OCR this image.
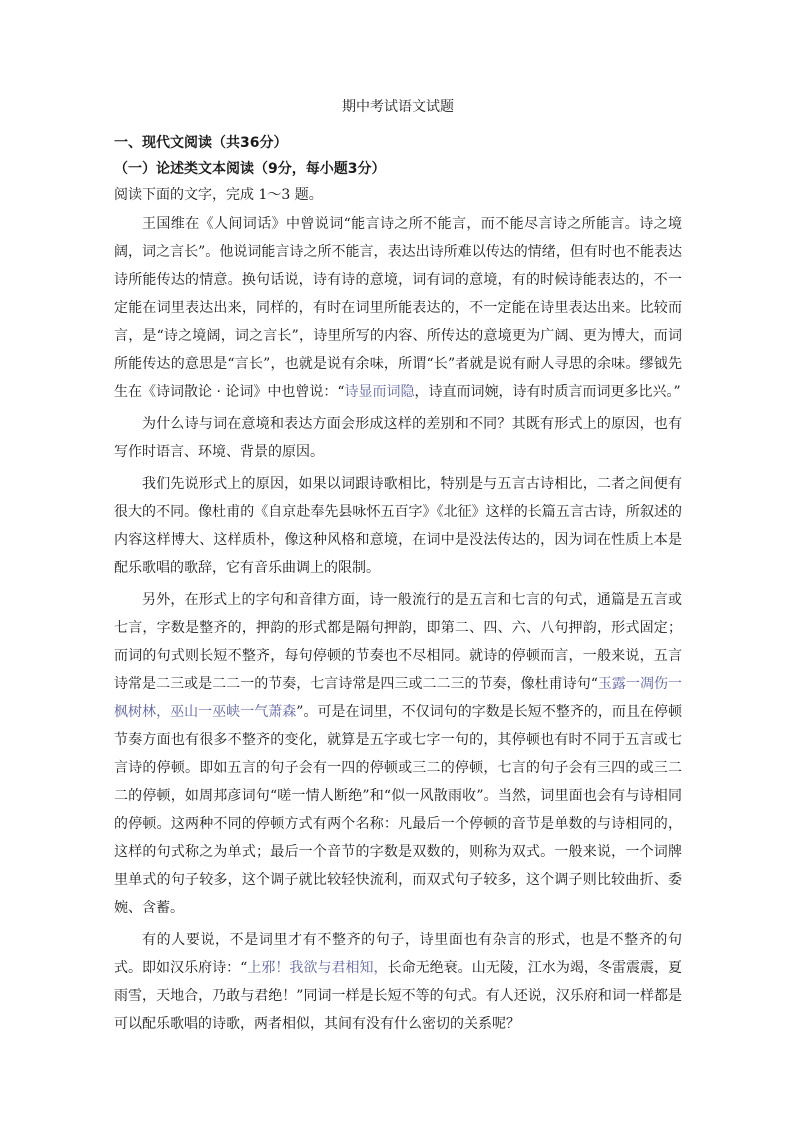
期中考试语文试题
一、现代文阅读（共36分）
（一）论述类文本阅读（9分，每小题3分）
阅读下面的文字，完成 1～3 题。

王国维在《人间词话》中曾说词“能言诗之所不能言，而不能尽言诗之所能言。诗之境阔，词之言长”。他说词能言诗之所不能言，表达出诗所难以传达的情绪，但有时也不能表达诗所能传达的情意。换句话说，诗有诗的意境，词有词的意境，有的时候诗能表达的，不一定能在词里表达出来，同样的，有时在词里所能表达的，不一定能在诗里表达出来。比较而言，是“诗之境阔，词之言长”，诗里所写的内容、所传达的意境更为广阔、更为博大，而词所能传达的意思是“言长”，也就是说有余味，所谓“长”者就是说有耐人寻思的余味。缪钺先生在《诗词散论 · 论词》中也曾说：“诗显而词隐，诗直而词婉，诗有时质言而词更多比兴。”

为什么诗与词在意境和表达方面会形成这样的差别和不同？其既有形式上的原因，也有写作时语言、环境、背景的原因。

我们先说形式上的原因，如果以词跟诗歌相比，特别是与五言古诗相比，二者之间便有很大的不同。像杜甫的《自京赴奉先县咏怀五百字》《北征》这样的长篇五言古诗，所叙述的内容这样博大、这样质朴，像这种风格和意境，在词中是没法传达的，因为词在性质上本是配乐歌唱的歌辞，它有音乐曲调上的限制。

另外，在形式上的字句和音律方面，诗一般流行的是五言和七言的句式，通篇是五言或七言，字数是整齐的，押韵的形式都是隔句押韵，即第二、四、六、八句押韵，形式固定；而词的句式则长短不整齐，每句停顿的节奏也不尽相同。就诗的停顿而言，一般来说，五言诗常是二三或是二二一的节奏，七言诗常是四三或二二三的节奏，像杜甫诗句“玉露一凋伤一枫树林，巫山一巫峡一气萧森”。可是在词里，不仅词句的字数是长短不整齐的，而且在停顿节奏方面也有很多不整齐的变化，就算是五字或七字一句的，其停顿也有时不同于五言或七言诗的停顿。即如五言的句子会有一四的停顿或三二的停顿，七言的句子会有三四的或三二二的停顿，如周邦彦词句“嗟一情人断绝”和“似一风散雨收”。当然，词里面也会有与诗相同的停顿。这两种不同的停顿方式有两个名称：凡最后一个停顿的音节是单数的与诗相同的，这样的句式称之为单式；最后一个音节的字数是双数的，则称为双式。一般来说，一个词牌里单式的句子较多，这个调子就比较轻快流利，而双式句子较多，这个调子则比较曲折、委婉、含蓄。

有的人要说，不是词里才有不整齐的句子，诗里面也有杂言的形式，也是不整齐的句式。即如汉乐府诗：“上邪！我欲与君相知，长命无绝衰。山无陵，江水为竭，冬雷震震，夏雨雪，天地合，乃敢与君绝！”同词一样是长短不等的句式。有人还说，汉乐府和词一样都是可以配乐歌唱的诗歌，两者相似，其间有没有什么密切的关系呢？
